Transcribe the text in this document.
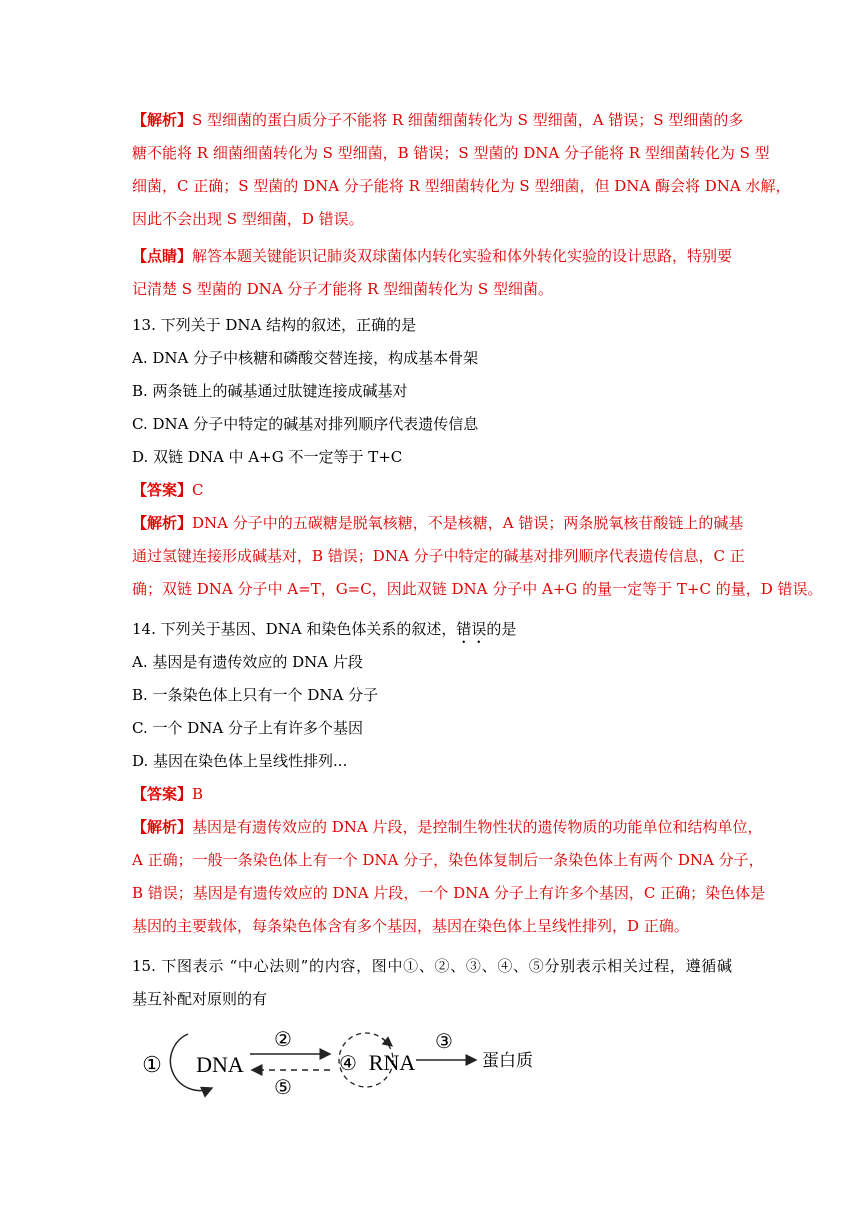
【解析】S 型细菌的蛋白质分子不能将 R 细菌细菌转化为 S 型细菌，A 错误；S 型细菌的多
糖不能将 R 细菌细菌转化为 S 型细菌，B 错误；S 型菌的 DNA 分子能将 R 型细菌转化为 S 型
细菌，C 正确；S 型菌的 DNA 分子能将 R 型细菌转化为 S 型细菌，但 DNA 酶会将 DNA 水解，
因此不会出现 S 型细菌，D 错误。
【点睛】解答本题关键能识记肺炎双球菌体内转化实验和体外转化实验的设计思路，特别要
记清楚 S 型菌的 DNA 分子才能将 R 型细菌转化为 S 型细菌。
13. 下列关于 DNA 结构的叙述，正确的是
A. DNA 分子中核糖和磷酸交替连接，构成基本骨架
B. 两条链上的碱基通过肽键连接成碱基对
C. DNA 分子中特定的碱基对排列顺序代表遗传信息
D. 双链 DNA 中 A+G 不一定等于 T+C
【答案】C
【解析】DNA 分子中的五碳糖是脱氧核糖，不是核糖，A 错误；两条脱氧核苷酸链上的碱基
通过氢键连接形成碱基对，B 错误；DNA 分子中特定的碱基对排列顺序代表遗传信息，C 正
确；双链 DNA 分子中 A=T，G=C，因此双链 DNA 分子中 A+G 的量一定等于 T+C 的量，D 错误。
14. 下列关于基因、DNA 和染色体关系的叙述，错误的是
A. 基因是有遗传效应的 DNA 片段
B. 一条染色体上只有一个 DNA 分子
C. 一个 DNA 分子上有许多个基因
D. 基因在染色体上呈线性排列...
【答案】B
【解析】基因是有遗传效应的 DNA 片段，是控制生物性状的遗传物质的功能单位和结构单位，
A 正确；一般一条染色体上有一个 DNA 分子，染色体复制后一条染色体上有两个 DNA 分子，
B 错误；基因是有遗传效应的 DNA 片段，一个 DNA 分子上有许多个基因，C 正确；染色体是
基因的主要载体，每条染色体含有多个基因，基因在染色体上呈线性排列，D 正确。
15. 下图表示 “中心法则”的内容，图中①、②、③、④、⑤分别表示相关过程，遵循碱
基互补配对原则的有
① DNA
②
⑤
④ RNA
③
蛋白质
